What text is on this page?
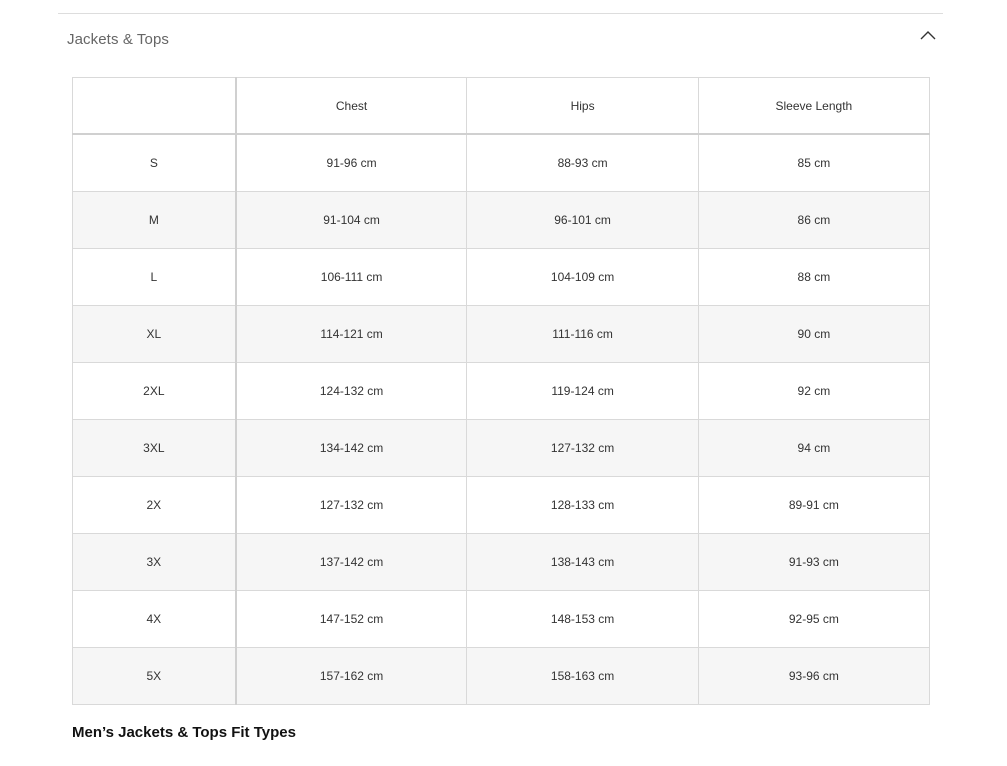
Jackets & Tops
	Chest	Hips	Sleeve Length
S	91-96 cm	88-93 cm	85 cm
M	91-104 cm	96-101 cm	86 cm
L	106-111 cm	104-109 cm	88 cm
XL	114-121 cm	111-116 cm	90 cm
2XL	124-132 cm	119-124 cm	92 cm
3XL	134-142 cm	127-132 cm	94 cm
2X	127-132 cm	128-133 cm	89-91 cm
3X	137-142 cm	138-143 cm	91-93 cm
4X	147-152 cm	148-153 cm	92-95 cm
5X	157-162 cm	158-163 cm	93-96 cm
Men’s Jackets & Tops Fit Types
